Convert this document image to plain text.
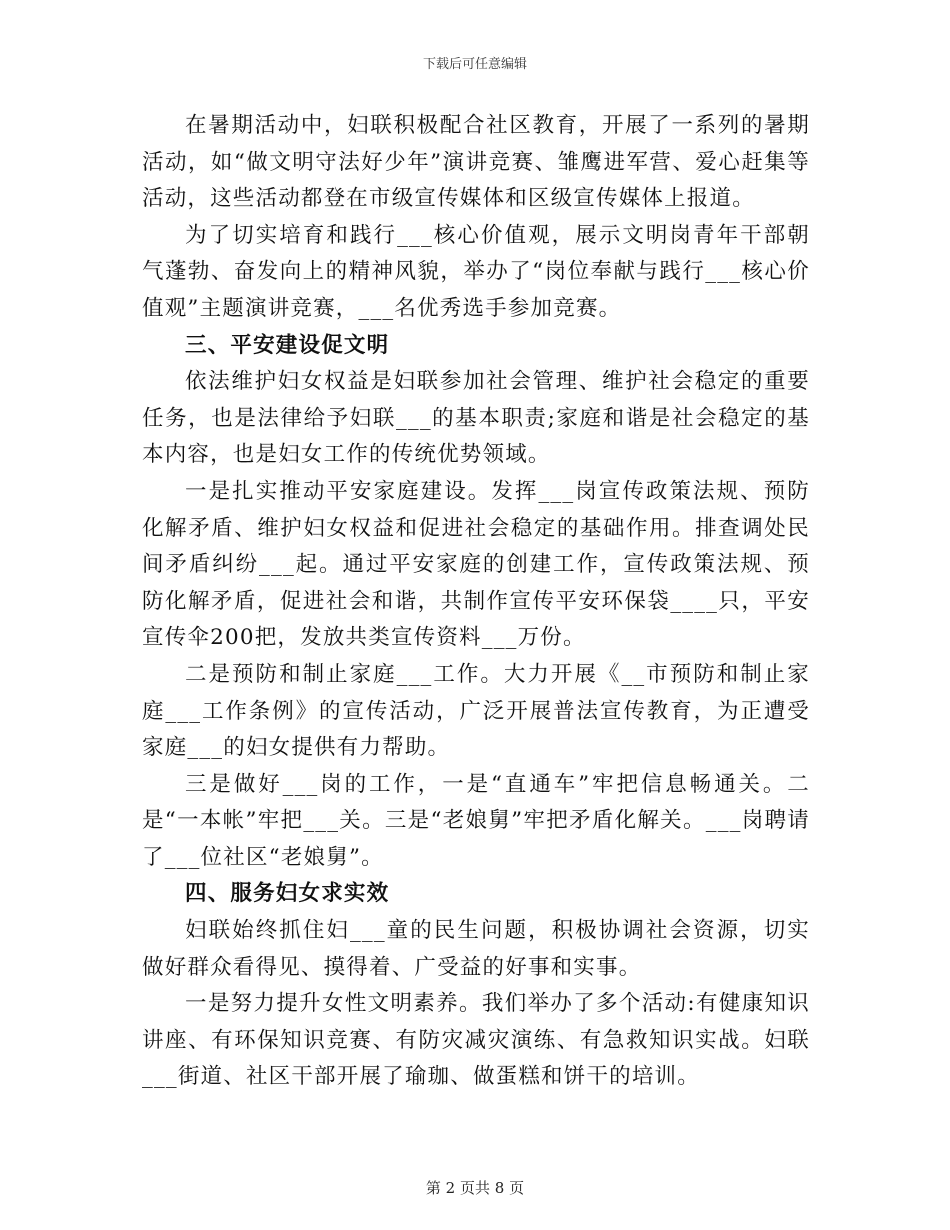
下载后可任意编辑

在暑期活动中，妇联积极配合社区教育，开展了一系列的暑期活动，如“做文明守法好少年”演讲竞赛、雏鹰进军营、爱心赶集等活动，这些活动都登在市级宣传媒体和区级宣传媒体上报道。

为了切实培育和践行___核心价值观，展示文明岗青年干部朝气蓬勃、奋发向上的精神风貌，举办了“岗位奉献与践行___核心价值观”主题演讲竞赛，___名优秀选手参加竞赛。

三、平安建设促文明

依法维护妇女权益是妇联参加社会管理、维护社会稳定的重要任务，也是法律给予妇联___的基本职责;家庭和谐是社会稳定的基本内容，也是妇女工作的传统优势领域。

一是扎实推动平安家庭建设。发挥___岗宣传政策法规、预防化解矛盾、维护妇女权益和促进社会稳定的基础作用。排查调处民间矛盾纠纷___起。通过平安家庭的创建工作，宣传政策法规、预防化解矛盾，促进社会和谐，共制作宣传平安环保袋____只，平安宣传伞200把，发放共类宣传资料___万份。

二是预防和制止家庭___工作。大力开展《__市预防和制止家庭___工作条例》的宣传活动，广泛开展普法宣传教育，为正遭受家庭___的妇女提供有力帮助。

三是做好___岗的工作，一是“直通车”牢把信息畅通关。二是“一本帐”牢把___关。三是“老娘舅”牢把矛盾化解关。___岗聘请了___位社区“老娘舅”。

四、服务妇女求实效

妇联始终抓住妇___童的民生问题，积极协调社会资源，切实做好群众看得见、摸得着、广受益的好事和实事。

一是努力提升女性文明素养。我们举办了多个活动:有健康知识讲座、有环保知识竞赛、有防灾减灾演练、有急救知识实战。妇联___街道、社区干部开展了瑜珈、做蛋糕和饼干的培训。

第 2 页共 8 页
